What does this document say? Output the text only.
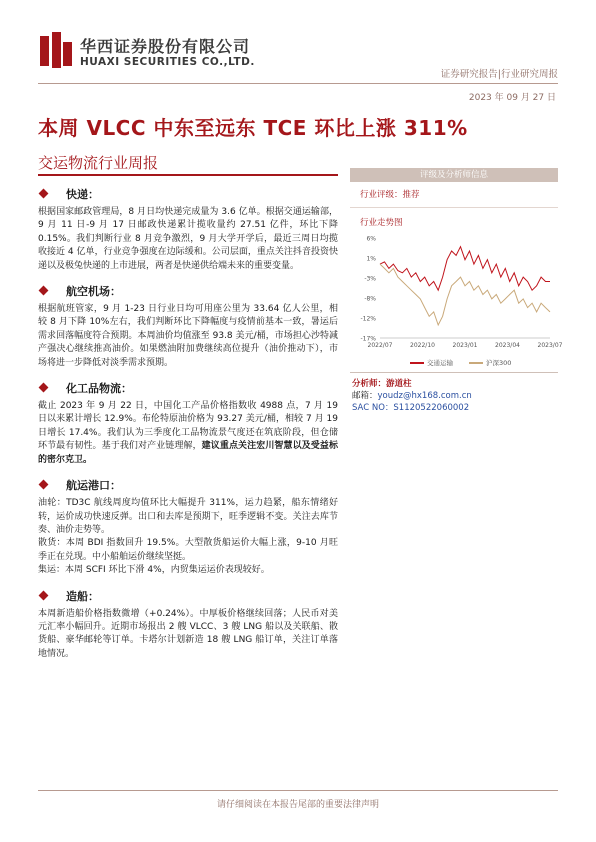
华西证券股份有限公司
HUAXI SECURITIES CO.,LTD.
证券研究报告|行业研究周报
2023 年 09 月 27 日
本周 VLCC 中东至远东 TCE 环比上涨 311%
交运物流行业周报
快递：
根据国家邮政管理局，8 月日均快递完成量为 3.6 亿单。根据交通运输部，9 月 11 日-9 月 17 日邮政快递累计揽收量约 27.51 亿件，环比下降 0.15%。我们判断行业 8 月竞争激烈，9 月大学开学后，最近三周日均揽收接近 4 亿单，行业竞争强度在边际缓和。公司层面，重点关注抖音投资快递以及极兔快递的上市进展，两者是快递供给端未来的重要变量。
航空机场：
根据航班管家，9 月 1-23 日行业日均可用座公里为 33.64 亿人公里，相较 8 月下降 10%左右，我们判断环比下降幅度与疫情前基本一致，暑运后需求回落幅度符合预期。本周油价均值涨至 93.8 美元/桶，市场担心沙特减产强决心继续推高油价。如果燃油附加费继续高位提升（油价推动下），市场将进一步降低对淡季需求预期。
化工品物流：
截止 2023 年 9 月 22 日，中国化工产品价格指数收 4988 点，7 月 19 日以来累计增长 12.9%。布伦特原油价格为 93.27 美元/桶，相较 7 月 19 日增长 17.4%。我们认为三季度化工品物流景气度还在筑底阶段，但仓储环节最有韧性。基于我们对产业链理解，建议重点关注宏川智慧以及受益标的密尔克卫。
航运港口：
油轮：TD3C 航线周度均值环比大幅提升 311%，运力趋紧，船东情绪好转，运价成功快速反弹。出口和去库是预期下，旺季逻辑不变。关注去库节奏、油价走势等。
散货：本周 BDI 指数回升 19.5%。大型散货船运价大幅上涨，9-10 月旺季正在兑现。中小船舶运价继续坚挺。
集运：本周 SCFI 环比下滑 4%，内贸集运运价表现较好。
造船：
本周新造船价格指数微增（+0.24%）。中厚板价格继续回落；人民币对美元汇率小幅回升。近期市场报出 2 艘 VLCC、3 艘 LNG 船以及关联船、散货船、豪华邮轮等订单。卡塔尔计划新造 18 艘 LNG 船订单，关注订单落地情况。
评级及分析师信息
行业评级：推荐
行业走势图
6%
1%
-3%
-8%
-12%
-17%
2022/07	2022/10	2023/01	2023/04	2023/07
交通运输	沪深300
分析师：游道柱
邮箱：youdz@hx168.com.cn
SAC NO：S1120522060002
请仔细阅读在本报告尾部的重要法律声明
